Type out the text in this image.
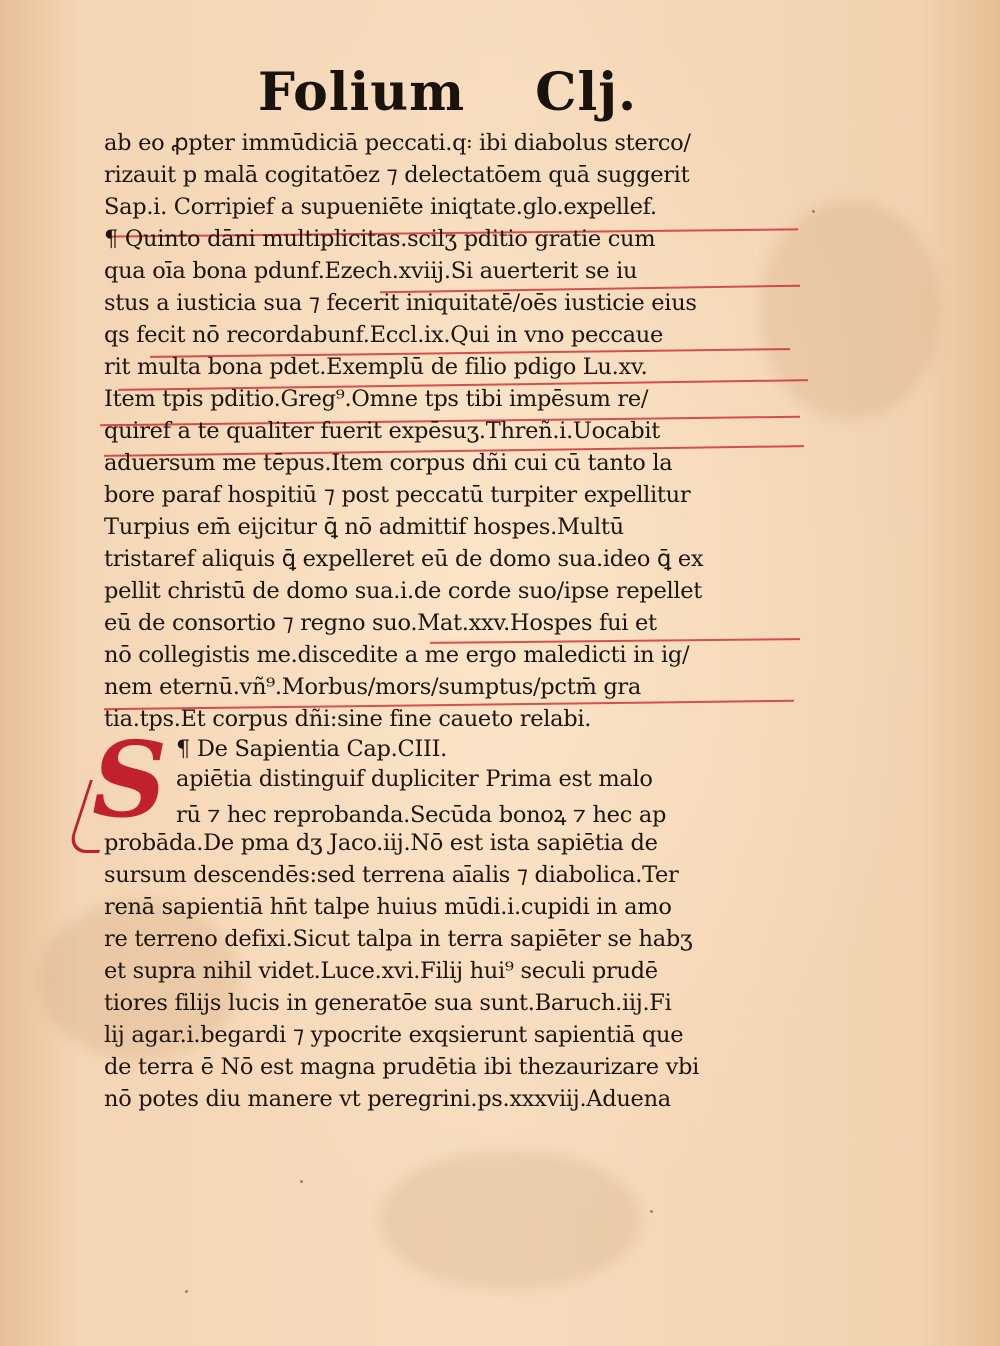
Folium Clj.
S
ab eo ꝓpter immūdiciā peccati.q꞉ ibi diabolus sterco/
rizauit p malā cogitatōez ⁊ delectatōem quā suggerit
Sap.i. Corripief a supueniēte iniqtate.glo.expellef.
¶ Quinto dāni multiplicitas.scilʒ pditio gratie cum
qua oīa bona pdunf.Ezech.xviij.Si auerterit se iu
stus a iusticia sua ⁊ fecerit iniquitatē/oēs iusticie eius
qs fecit nō recordabunf.Eccl.ix.Qui in vno peccaue
rit multa bona pdet.Exemplū de filio pdigo Lu.xv.
Item tpis pditio.Greg⁹.Omne tps tibi impēsum re/
quiref a te qualiter fuerit expēsuʒ.Threñ.i.Uocabit
aduersum me tēpus.Item corpus dñi cui cū tanto la
bore paraf hospitiū ⁊ post peccatū turpiter expellitur
Turpius em̄ eijcitur ꝗ̄ nō admittif hospes.Multū
tristaref aliquis ꝗ̄ expelleret eū de domo sua.ideo ꝗ̄ ex
pellit christū de domo sua.i.de corde suo/ipse repellet
eū de consortio ⁊ regno suo.Mat.xxv.Hospes fui et
nō collegistis me.discedite a me ergo maledicti in ig/
nem eternū.vñ⁹.Morbus/mors/sumptus/pctm̄ gra
tia.tps.Et corpus dñi:sine fine caueto relabi.
¶ De Sapientia Cap.CIII.
apiētia distinguif dupliciter Prima est malo
rū ⁊ hec reprobanda.Secūda bonoꝝ ⁊ hec ap
probāda.De pma dʒ Jaco.iij.Nō est ista sapiētia de
sursum descendēs:sed terrena aīalis ⁊ diabolica.Ter
renā sapientiā hn̄t talpe huius mūdi.i.cupidi in amo
re terreno defixi.Sicut talpa in terra sapiēter se habʒ
et supra nihil videt.Luce.xvi.Filij hui⁹ seculi prudē
tiores filijs lucis in generatōe sua sunt.Baruch.iij.Fi
lij agar.i.begardi ⁊ ypocrite exqsierunt sapientiā que
de terra ē Nō est magna prudētia ibi thezaurizare vbi
nō potes diu manere vt peregrini.ps.xxxviij.Aduena
